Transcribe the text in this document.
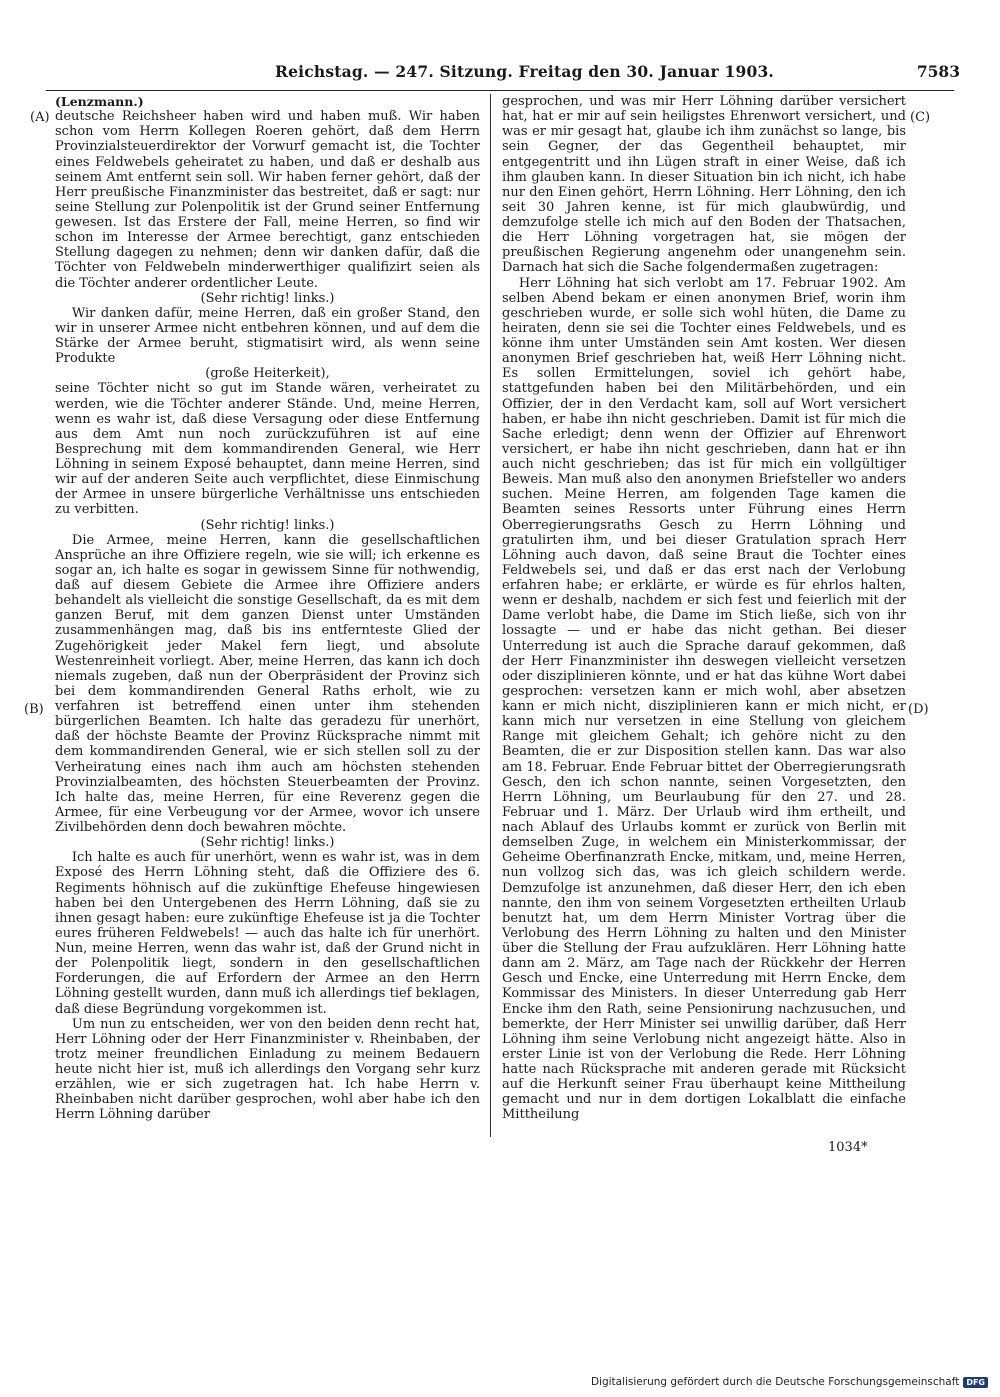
Reichstag. — 247. Sitzung. Freitag den 30. Januar 1903.	7583
(A)
(B)
(C)
(D)

(Lenzmann.)

deutsche Reichsheer haben wird und haben muß. Wir haben schon vom Herrn Kollegen Roeren gehört, daß dem Herrn Provinzialsteuerdirektor der Vorwurf gemacht ist, die Tochter eines Feldwebels geheiratet zu haben, und daß er deshalb aus seinem Amt entfernt sein soll. Wir haben ferner gehört, daß der Herr preußische Finanzminister das bestreitet, daß er sagt: nur seine Stellung zur Polenpolitik ist der Grund seiner Entfernung gewesen. Ist das Erstere der Fall, meine Herren, so find wir schon im Interesse der Armee berechtigt, ganz entschieden Stellung dagegen zu nehmen; denn wir danken dafür, daß die Töchter von Feldwebeln minderwerthiger qualifizirt seien als die Töchter anderer ordentlicher Leute.

(Sehr richtig! links.)

Wir danken dafür, meine Herren, daß ein großer Stand, den wir in unserer Armee nicht entbehren können, und auf dem die Stärke der Armee beruht, stigmatisirt wird, als wenn seine Produkte

(große Heiterkeit),

seine Töchter nicht so gut im Stande wären, verheiratet zu werden, wie die Töchter anderer Stände. Und, meine Herren, wenn es wahr ist, daß diese Versagung oder diese Entfernung aus dem Amt nun noch zurückzuführen ist auf eine Besprechung mit dem kommandirenden General, wie Herr Löhning in seinem Exposé behauptet, dann meine Herren, sind wir auf der anderen Seite auch verpflichtet, diese Einmischung der Armee in unsere bürgerliche Verhältnisse uns entschieden zu verbitten.

(Sehr richtig! links.)

Die Armee, meine Herren, kann die gesellschaftlichen Ansprüche an ihre Offiziere regeln, wie sie will; ich erkenne es sogar an, ich halte es sogar in gewissem Sinne für nothwendig, daß auf diesem Gebiete die Armee ihre Offiziere anders behandelt als vielleicht die sonstige Gesellschaft, da es mit dem ganzen Beruf, mit dem ganzen Dienst unter Umständen zusammenhängen mag, daß bis ins entfernteste Glied der Zugehörigkeit jeder Makel fern liegt, und absolute Westenreinheit vorliegt. Aber, meine Herren, das kann ich doch niemals zugeben, daß nun der Oberpräsident der Provinz sich bei dem kommandirenden General Raths erholt, wie zu verfahren ist betreffend einen unter ihm stehenden bürgerlichen Beamten. Ich halte das geradezu für unerhört, daß der höchste Beamte der Provinz Rücksprache nimmt mit dem kommandirenden General, wie er sich stellen soll zu der Verheiratung eines nach ihm auch am höchsten stehenden Provinzialbeamten, des höchsten Steuerbeamten der Provinz. Ich halte das, meine Herren, für eine Reverenz gegen die Armee, für eine Verbeugung vor der Armee, wovor ich unsere Zivilbehörden denn doch bewahren möchte.

(Sehr richtig! links.)

Ich halte es auch für unerhört, wenn es wahr ist, was in dem Exposé des Herrn Löhning steht, daß die Offiziere des 6. Regiments höhnisch auf die zukünftige Ehefeuse hingewiesen haben bei den Untergebenen des Herrn Löhning, daß sie zu ihnen gesagt haben: eure zukünftige Ehefeuse ist ja die Tochter eures früheren Feldwebels! — auch das halte ich für unerhört. Nun, meine Herren, wenn das wahr ist, daß der Grund nicht in der Polenpolitik liegt, sondern in den gesellschaftlichen Forderungen, die auf Erfordern der Armee an den Herrn Löhning gestellt wurden, dann muß ich allerdings tief beklagen, daß diese Begründung vorgekommen ist.

Um nun zu entscheiden, wer von den beiden denn recht hat, Herr Löhning oder der Herr Finanzminister v. Rheinbaben, der trotz meiner freundlichen Einladung zu meinem Bedauern heute nicht hier ist, muß ich allerdings den Vorgang sehr kurz erzählen, wie er sich zugetragen hat. Ich habe Herrn v. Rheinbaben nicht darüber gesprochen, wohl aber habe ich den Herrn Löhning darüber

gesprochen, und was mir Herr Löhning darüber versichert hat, hat er mir auf sein heiligstes Ehrenwort versichert, und was er mir gesagt hat, glaube ich ihm zunächst so lange, bis sein Gegner, der das Gegentheil behauptet, mir entgegentritt und ihn Lügen straft in einer Weise, daß ich ihm glauben kann. In dieser Situation bin ich nicht, ich habe nur den Einen gehört, Herrn Löhning. Herr Löhning, den ich seit 30 Jahren kenne, ist für mich glaubwürdig, und demzufolge stelle ich mich auf den Boden der Thatsachen, die Herr Löhning vorgetragen hat, sie mögen der preußischen Regierung angenehm oder unangenehm sein. Darnach hat sich die Sache folgendermaßen zugetragen:

Herr Löhning hat sich verlobt am 17. Februar 1902. Am selben Abend bekam er einen anonymen Brief, worin ihm geschrieben wurde, er solle sich wohl hüten, die Dame zu heiraten, denn sie sei die Tochter eines Feldwebels, und es könne ihm unter Umständen sein Amt kosten. Wer diesen anonymen Brief geschrieben hat, weiß Herr Löhning nicht. Es sollen Ermittelungen, soviel ich gehört habe, stattgefunden haben bei den Militärbehörden, und ein Offizier, der in den Verdacht kam, soll auf Wort versichert haben, er habe ihn nicht geschrieben. Damit ist für mich die Sache erledigt; denn wenn der Offizier auf Ehrenwort versichert, er habe ihn nicht geschrieben, dann hat er ihn auch nicht geschrieben; das ist für mich ein vollgültiger Beweis. Man muß also den anonymen Briefsteller wo anders suchen. Meine Herren, am folgenden Tage kamen die Beamten seines Ressorts unter Führung eines Herrn Oberregierungsraths Gesch zu Herrn Löhning und gratulirten ihm, und bei dieser Gratulation sprach Herr Löhning auch davon, daß seine Braut die Tochter eines Feldwebels sei, und daß er das erst nach der Verlobung erfahren habe; er erklärte, er würde es für ehrlos halten, wenn er deshalb, nachdem er sich fest und feierlich mit der Dame verlobt habe, die Dame im Stich ließe, sich von ihr lossagte — und er habe das nicht gethan. Bei dieser Unterredung ist auch die Sprache darauf gekommen, daß der Herr Finanzminister ihn deswegen vielleicht versetzen oder disziplinieren könnte, und er hat das kühne Wort dabei gesprochen: versetzen kann er mich wohl, aber absetzen kann er mich nicht, disziplinieren kann er mich nicht, er kann mich nur versetzen in eine Stellung von gleichem Range mit gleichem Gehalt; ich gehöre nicht zu den Beamten, die er zur Disposition stellen kann. Das war also am 18. Februar. Ende Februar bittet der Oberregierungsrath Gesch, den ich schon nannte, seinen Vorgesetzten, den Herrn Löhning, um Beurlaubung für den 27. und 28. Februar und 1. März. Der Urlaub wird ihm ertheilt, und nach Ablauf des Urlaubs kommt er zurück von Berlin mit demselben Zuge, in welchem ein Ministerkommissar, der Geheime Oberfinanzrath Encke, mitkam, und, meine Herren, nun vollzog sich das, was ich gleich schildern werde. Demzufolge ist anzunehmen, daß dieser Herr, den ich eben nannte, den ihm von seinem Vorgesetzten ertheilten Urlaub benutzt hat, um dem Herrn Minister Vortrag über die Verlobung des Herrn Löhning zu halten und den Minister über die Stellung der Frau aufzuklären. Herr Löhning hatte dann am 2. März, am Tage nach der Rückkehr der Herren Gesch und Encke, eine Unterredung mit Herrn Encke, dem Kommissar des Ministers. In dieser Unterredung gab Herr Encke ihm den Rath, seine Pensionirung nachzusuchen, und bemerkte, der Herr Minister sei unwillig darüber, daß Herr Löhning ihm seine Verlobung nicht angezeigt hätte. Also in erster Linie ist von der Verlobung die Rede. Herr Löhning hatte nach Rücksprache mit anderen gerade mit Rücksicht auf die Herkunft seiner Frau überhaupt keine Mittheilung gemacht und nur in dem dortigen Lokalblatt die einfache Mittheilung

1034*
Digitalisierung gefördert durch die Deutsche Forschungsgemeinschaft DFG
